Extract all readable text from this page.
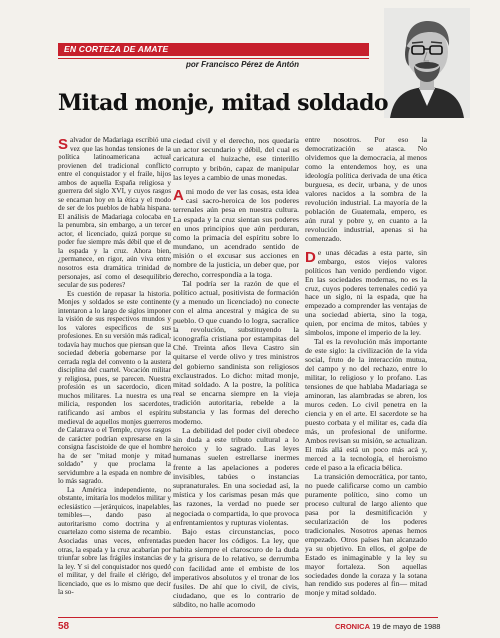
EN CORTEZA DE AMATE
por Francisco Pérez de Antón
Mitad monje, mitad soldado

Salvador de Madariaga escribió una vez que las hondas tensiones de la política latinoamericana actual provienen del tradicional conflicto entre el conquistador y el fraile, hijos ambos de aquella España religiosa y guerrera del siglo XVI, y cuyos rasgos se encarnan hoy en la ética y el modo de ser de los pueblos de habla hispana. El análisis de Madariaga colocaba en la penumbra, sin embargo, a un tercer actor, el licenciado, quizá porque su poder fue siempre más débil que el de la espada y la cruz. Ahora bien, ¿permanece, en rigor, aún viva entre nosotros esta dramática trinidad de personajes, así como el desequilibrio secular de sus poderes?

Es cuestión de repasar la historia. Monjes y soldados se este continente intentaron a lo largo de siglos imponer la visión de sus respectivos mundos y los valores específicos de sus profesiones. En su versión más radical, todavía hay muchos que piensan que la sociedad debería gobernarse por la cerrada regla del convento o la austera disciplina del cuartel. Vocación militar y religiosa, pues, se parecen. Nuestra profesión es un sacerdocio, dicen muchos militares. La nuestra es una milicia, responden los sacerdotes, ratificando así ambos el espíritu medieval de aquellos monjes guerreros de Calatrava o el Temple, cuyos rasgos de carácter podrían expresarse en la consigna fascistoide de que el hombre ha de ser "mitad monje y mitad soldado" y que proclama la servidumbre a la espada en nombre de lo más sagrado.

La América independiente, no obstante, imitaría los modelos militar y eclesiástico —jerárquicos, inapelables, temibles—, dando paso al autoritarismo como doctrina y al cuartelazo como sistema de recambio. Asociadas unas veces, enfrentadas otras, la espada y la cruz acabarían por triunfar sobre las frágiles instancias de la ley. Y si del conquistador nos quedó el militar, y del fraile el clérigo, del licenciado, que es lo mismo que decir la so-

ciedad civil y el derecho, nos quedaría un actor secundario y débil, del cual es caricatura el huizache, ese tinterillo corrupto y bribón, capaz de manipular las leyes a cambio de unas monedas.

Ami modo de ver las cosas, esta idea casi sacro-heroica de los poderes terrenales aún pesa en nuestra cultura. La espada y la cruz sientan sus poderes en unos principios que aún perduran, como la primacía del espíritu sobre lo mundano, un acendrado sentido de misión o el excusar sus acciones en nombre de la justicia, un deber que, por derecho, correspondía a la toga.

Tal podría ser la razón de que el político actual, positivista de formación (y a menudo un licenciado) no conecte con el alma ancestral y mágica de su pueblo. O que cuando lo logra, sacralice la revolución, substituyendo la iconografía cristiana por estampitas del Ché. Treinta años lleva Castro sin quitarse el verde olivo y tres ministros del gobierno sandinista son religiosos exclaustrados. Lo dicho: mitad monje, mitad soldado. A la postre, la política real se encarna siempre en la vieja tradición autoritaria, rebelde a la substancia y las formas del derecho moderno.

La debilidad del poder civil obedece sin duda a este tributo cultural a lo heroico y lo sagrado. Las leyes humanas suelen estrellarse inermes frente a las apelaciones a poderes invisibles, tabúes o instancias supranaturales. En una sociedad así, la mística y los carismas pesan más que las razones, la verdad no puede ser negociada o compartida, lo que provoca enfrentamientos y rupturas violentas.

Bajo estas circunstancias, poco pueden hacer los códigos. La ley, que habita siempre el claroscuro de la duda y la grisura de lo relativo, se derrumba con facilidad ante el embiste de los imperativos absolutos y el tronar de los fusiles. De ahí que lo civil, de civis, ciudadano, que es lo contrario de súbdito, no halle acomodo

entre nosotros. Por eso la democratización se atasca. No olvidemos que la democracia, al menos como la entendemos hoy, es una ideología política derivada de una ética burguesa, es decir, urbana, y de unos valores nacidos a la sombra de la revolución industrial. La mayoría de la población de Guatemala, empero, es aún rural y pobre y, en cuanto a la revolución industrial, apenas si ha comenzado.

De unas décadas a esta parte, sin embargo, estos viejos valores políticos han venido perdiendo vigor. En las sociedades modernas, no es la cruz, cuyos poderes terrenales cedió ya hace un siglo, ni la espada, que ha empezado a comprender las ventajas de una sociedad abierta, sino la toga, quien, por encima de mitos, tabúes y símbolos, impone el imperio de la ley.

Tal es la revolución más importante de este siglo: la civilización de la vida social, fruto de la interacción mutua, del campo y no del rechazo, entre lo militar, lo religioso y lo profano. Las tensiones de que hablaba Madariaga se aminoran, las alambradas se abren, los muros ceden. Lo civil penetra en la ciencia y en el arte. El sacerdote se ha puesto corbata y el militar es, cada día más, un profesional de uniforme. Ambos revisan su misión, se actualizan. El más allá está un poco más acá y, merced a la tecnología, el heroísmo cede el paso a la eficacia bélica.

La transición democrática, por tanto, no puede calificarse como un cambio puramente político, sino como un proceso cultural de largo aliento que pasa por la desmitificación y secularización de los poderes tradicionales. Nosotros apenas hemos empezado. Otros países han alcanzado ya su objetivo. En ellos, el golpe de Estado es inimaginable y la ley su mayor fortaleza. Son aquellas sociedades donde la coraza y la sotana han rendido sus poderes al fin— mitad monje y mitad soldado.

58	CRONICA 19 de mayo de 1988
